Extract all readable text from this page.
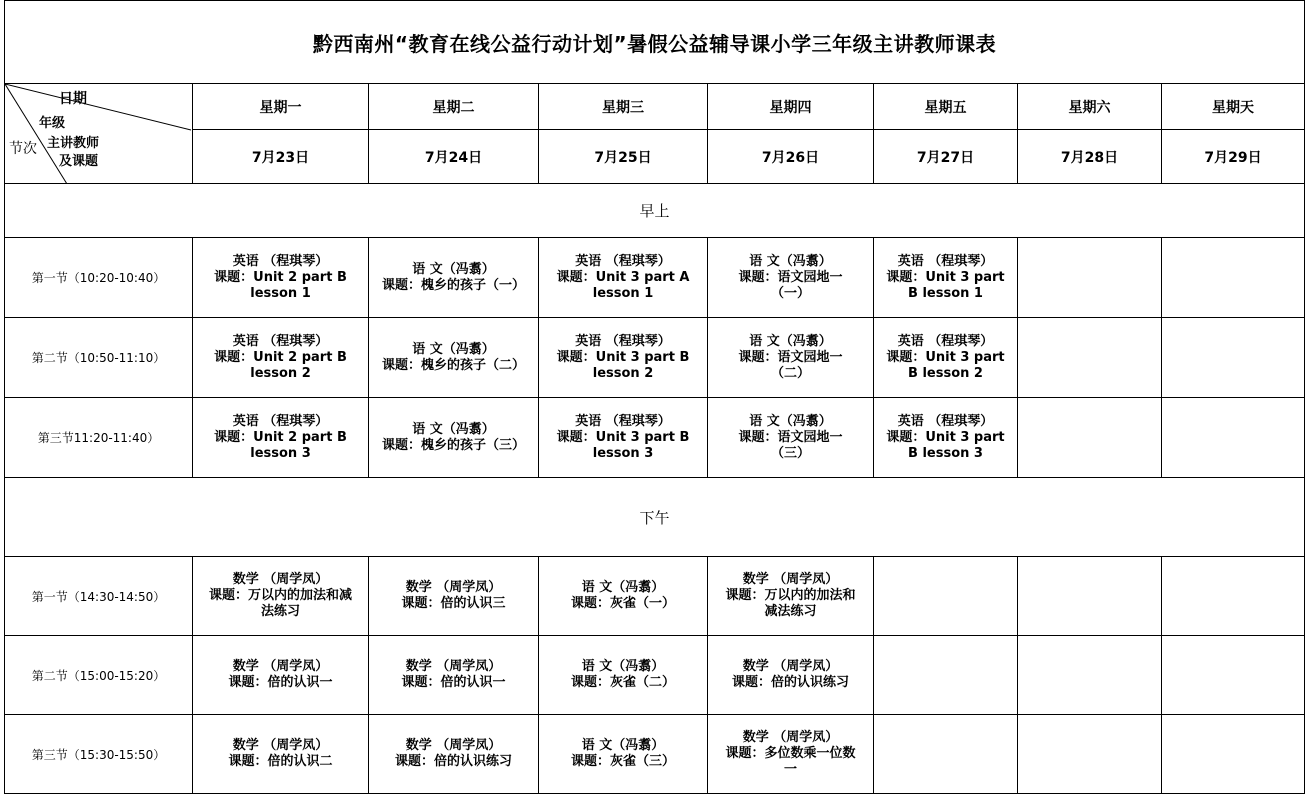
黔西南州“教育在线公益行动计划”暑假公益辅导课小学三年级主讲教师课表							

日期
年级
主讲教师
及课题
节次	星期一	星期二	星期三	星期四	星期五	星期六	星期天
	7月23日	7月24日	7月25日	7月26日	7月27日	7月28日	7月29日
早上							
第一节（10:20-10:40）	英语 （程琪琴）
课题：Unit 2 part B
lesson 1	语 文（冯翥）
课题：槐乡的孩子（一）	英语 （程琪琴）
课题：Unit 3 part A
lesson 1	语 文（冯翥）
课题：语文园地一
（一）	英语 （程琪琴）
课题：Unit 3 part
B lesson 1		

第二节（10:50-11:10）	英语 （程琪琴）
课题：Unit 2 part B
lesson 2	语 文（冯翥）
课题：槐乡的孩子（二）	英语 （程琪琴）
课题：Unit 3 part B
lesson 2	语 文（冯翥）
课题：语文园地一
（二）	英语 （程琪琴）
课题：Unit 3 part
B lesson 2		

第三节11:20-11:40）	英语 （程琪琴）
课题：Unit 2 part B
lesson 3	语 文（冯翥）
课题：槐乡的孩子（三）	英语 （程琪琴）
课题：Unit 3 part B
lesson 3	语 文（冯翥）
课题：语文园地一
（三）	英语 （程琪琴）
课题：Unit 3 part
B lesson 3		

下午							
第一节（14:30-14:50）	数学 （周学凤）
课题：万以内的加法和减
法练习	数学 （周学凤）
课题：倍的认识三	语 文（冯翥）
课题：灰雀（一）	数学 （周学凤）
课题：万以内的加法和
减法练习			

第二节（15:00-15:20）	数学 （周学凤）
课题：倍的认识一	数学 （周学凤）
课题：倍的认识一	语 文（冯翥）
课题：灰雀（二）	数学 （周学凤）
课题：倍的认识练习			

第三节（15:30-15:50）	数学 （周学凤）
课题：倍的认识二	数学 （周学凤）
课题：倍的认识练习	语 文（冯翥）
课题：灰雀（三）	数学 （周学凤）
课题：多位数乘一位数
一			
